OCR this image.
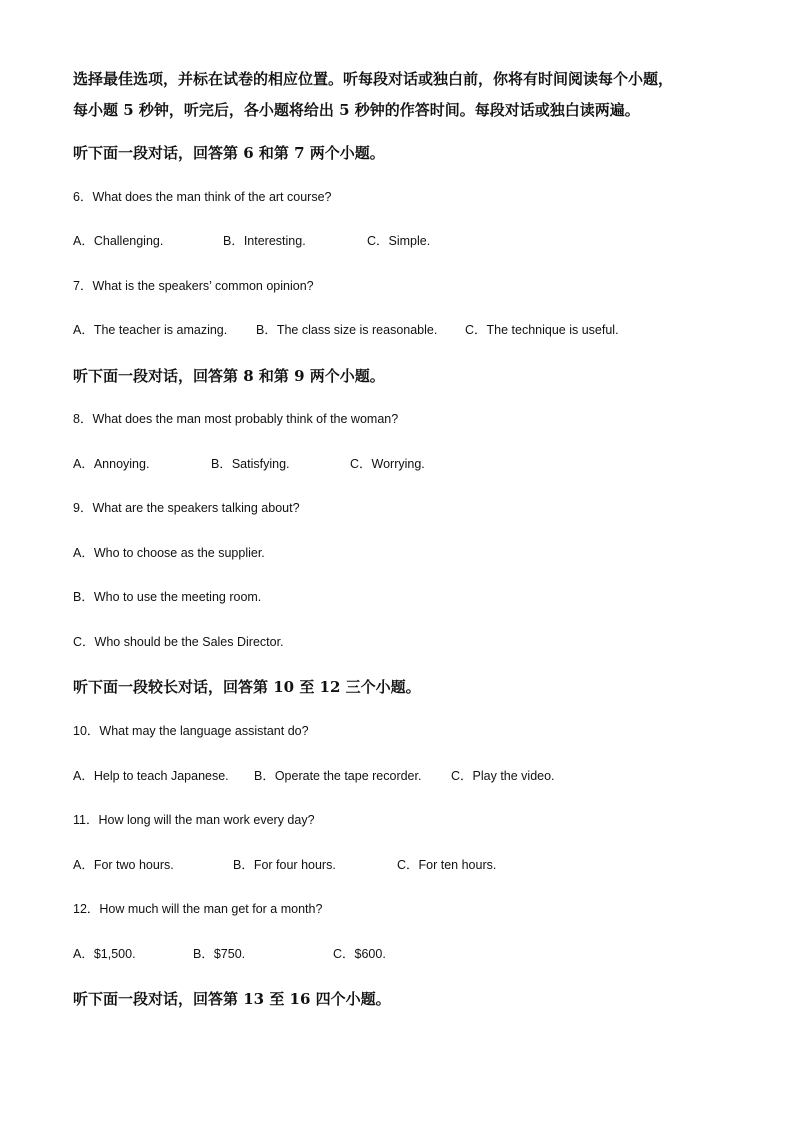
选择最佳选项，并标在试卷的相应位置。听每段对话或独白前，你将有时间阅读每个小题，
每小题 5 秒钟，听完后，各小题将给出 5 秒钟的作答时间。每段对话或独白读两遍。
听下面一段对话，回答第 6 和第 7 两个小题。
6．What does the man think of the art course?
A．Challenging.	B．Interesting.	C．Simple.
7．What is the speakers’ common opinion?
A．The teacher is amazing. B．The class size is reasonable. C．The technique is useful.
听下面一段对话，回答第 8 和第 9 两个小题。
8．What does the man most probably think of the woman?
A．Annoying.	B．Satisfying.	C．Worrying.
9．What are the speakers talking about?
A．Who to choose as the supplier.
B．Who to use the meeting room.
C．Who should be the Sales Director.
听下面一段较长对话，回答第 10 至 12 三个小题。
10．What may the language assistant do?
A．Help to teach Japanese. B．Operate the tape recorder. C．Play the video.
11．How long will the man work every day?
A．For two hours.	B．For four hours.	C．For ten hours.
12．How much will the man get for a month?
A．$1,500.	B．$750.	C．$600.
听下面一段对话，回答第 13 至 16 四个小题。
